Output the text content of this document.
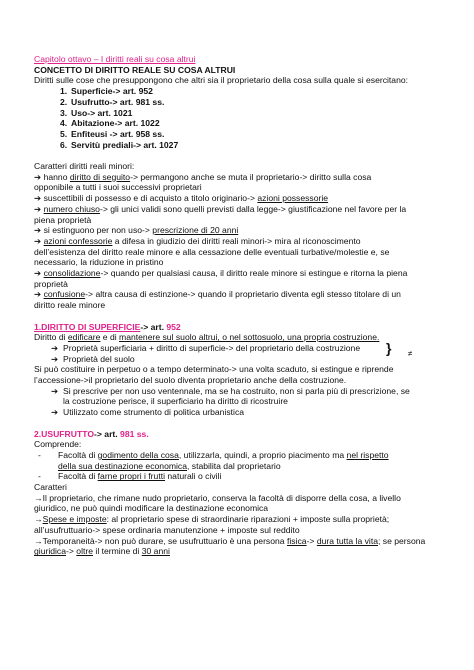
Capitolo ottavo – I diritti reali su cosa altrui
CONCETTO DI DIRITTO REALE SU COSA ALTRUI
Diritti sulle cose che presuppongono che altri sia il proprietario della cosa sulla quale si esercitano:
1. Superficie-> art. 952
2. Usufrutto-> art. 981 ss.
3. Uso-> art. 1021
4. Abitazione-> art. 1022
5. Enfiteusi -> art. 958 ss.
6. Servitù prediali-> art. 1027
Caratteri diritti reali minori:
➔ hanno diritto di seguito-> permangono anche se muta il proprietario-> diritto sulla cosa
opponibile a tutti i suoi successivi proprietari
➔ suscettibili di possesso e di acquisto a titolo originario-> azioni possessorie
➔ numero chiuso-> gli unici validi sono quelli previsti dalla legge-> giustificazione nel favore per la
piena proprietà
➔ si estinguono per non uso-> prescrizione di 20 anni
➔ azioni confessorie a difesa in giudizio dei diritti reali minori-> mira al riconoscimento
dell’esistenza del diritto reale minore e alla cessazione delle eventuali turbative/molestie e, se
necessario, la riduzione in pristino
➔ consolidazione-> quando per qualsiasi causa, il diritto reale minore si estingue e ritorna la piena
proprietà
➔ confusione-> altra causa di estinzione-> quando il proprietario diventa egli stesso titolare di un
diritto reale minore
1.DIRITTO DI SUPERFICIE-> art. 952
Diritto di edificare e di mantenere sul suolo altrui, o nel sottosuolo, una propria costruzione.
➔ Proprietà superficiaria + diritto di superficie-> del proprietario della costruzione
➔ Proprietà del suolo
} ≠
Si può costituire in perpetuo o a tempo determinato-> una volta scaduto, si estingue e riprende
l’accessione->il proprietario del suolo diventa proprietario anche della costruzione.
➔ Si prescrive per non uso ventennale, ma se ha costruito, non si parla più di prescrizione, se
la costruzione perisce, il superficiario ha diritto di ricostruire
➔ Utilizzato come strumento di politica urbanistica
2.USUFRUTTO-> art. 981 ss.
Comprende:
- Facoltà di godimento della cosa, utilizzarla, quindi, a proprio piacimento ma nel rispetto
della sua destinazione economica, stabilita dal proprietario
- Facoltà di farne propri i frutti naturali o civili
Caratteri
→Il proprietario, che rimane nudo proprietario, conserva la facoltà di disporre della cosa, a livello
giuridico, ne può quindi modificare la destinazione economica
→Spese e imposte: al proprietario spese di straordinarie riparazioni + imposte sulla proprietà;
all’usufruttuario-> spese ordinaria manutenzione + imposte sul reddito
→Temporaneità-> non può durare, se usufruttuario è una persona fisica-> dura tutta la vita; se persona
giuridica-> oltre il termine di 30 anni
